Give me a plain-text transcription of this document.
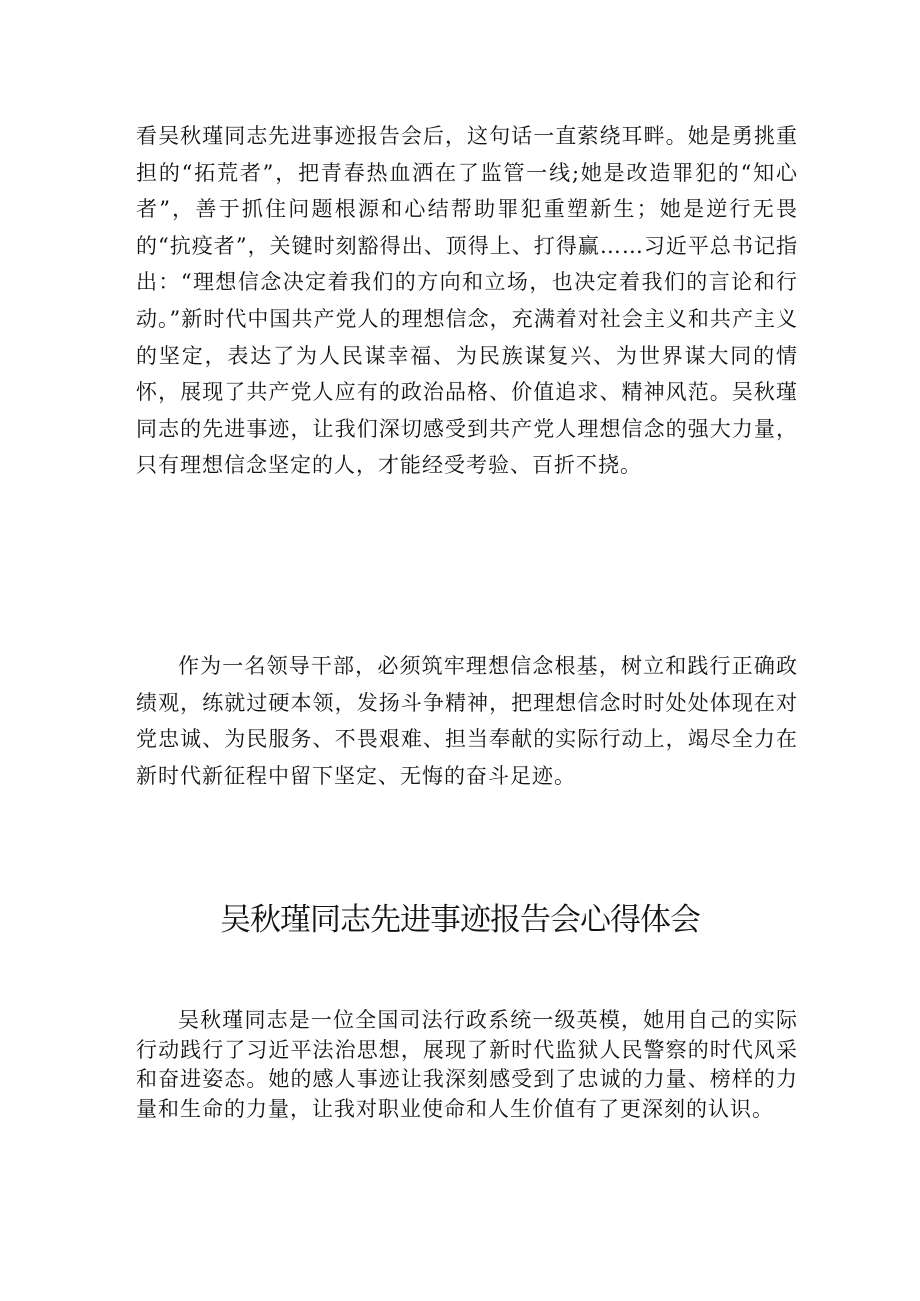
看吴秋瑾同志先进事迹报告会后，这句话一直萦绕耳畔。她是勇挑重担的“拓荒者”，把青春热血洒在了监管一线;她是改造罪犯的“知心者”，善于抓住问题根源和心结帮助罪犯重塑新生；她是逆行无畏的“抗疫者”，关键时刻豁得出、顶得上、打得赢……习近平总书记指出：“理想信念决定着我们的方向和立场，也决定着我们的言论和行动。”新时代中国共产党人的理想信念，充满着对社会主义和共产主义的坚定，表达了为人民谋幸福、为民族谋复兴、为世界谋大同的情怀，展现了共产党人应有的政治品格、价值追求、精神风范。吴秋瑾同志的先进事迹，让我们深切感受到共产党人理想信念的强大力量，只有理想信念坚定的人，才能经受考验、百折不挠。

作为一名领导干部，必须筑牢理想信念根基，树立和践行正确政绩观，练就过硬本领，发扬斗争精神，把理想信念时时处处体现在对党忠诚、为民服务、不畏艰难、担当奉献的实际行动上，竭尽全力在新时代新征程中留下坚定、无悔的奋斗足迹。

吴秋瑾同志先进事迹报告会心得体会

吴秋瑾同志是一位全国司法行政系统一级英模，她用自己的实际行动践行了习近平法治思想，展现了新时代监狱人民警察的时代风采和奋进姿态。她的感人事迹让我深刻感受到了忠诚的力量、榜样的力量和生命的力量，让我对职业使命和人生价值有了更深刻的认识。
